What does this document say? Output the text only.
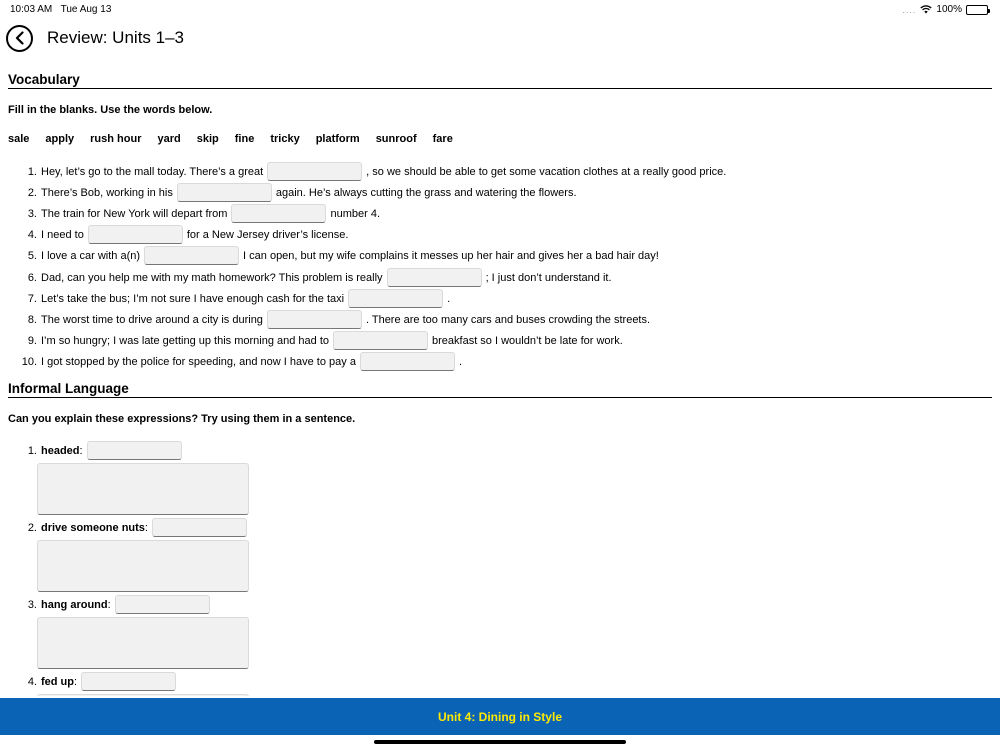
10:03 AM Tue Aug 13	.... 100%
Review: Units 1–3
Vocabulary
Fill in the blanks. Use the words below.
sale apply rush hour yard skip fine tricky platform sunroof fare
1. Hey, let’s go to the mall today. There’s a great	, so we should be able to get some vacation clothes at a really good price.
2. There’s Bob, working in his	again. He’s always cutting the grass and watering the flowers.
3. The train for New York will depart from	number 4.
4. I need to	for a New Jersey driver’s license.
5. I love a car with a(n)	I can open, but my wife complains it messes up her hair and gives her a bad hair day!
6. Dad, can you help me with my math homework? This problem is really	; I just don’t understand it.
7. Let’s take the bus; I’m not sure I have enough cash for the taxi	.
8. The worst time to drive around a city is during	. There are too many cars and buses crowding the streets.
9. I’m so hungry; I was late getting up this morning and had to	breakfast so I wouldn’t be late for work.
10. I got stopped by the police for speeding, and now I have to pay a	.
Informal Language
Can you explain these expressions? Try using them in a sentence.
1. headed :
2. drive someone nuts :
3. hang around :
4. fed up :
Unit 4: Dining in Style
